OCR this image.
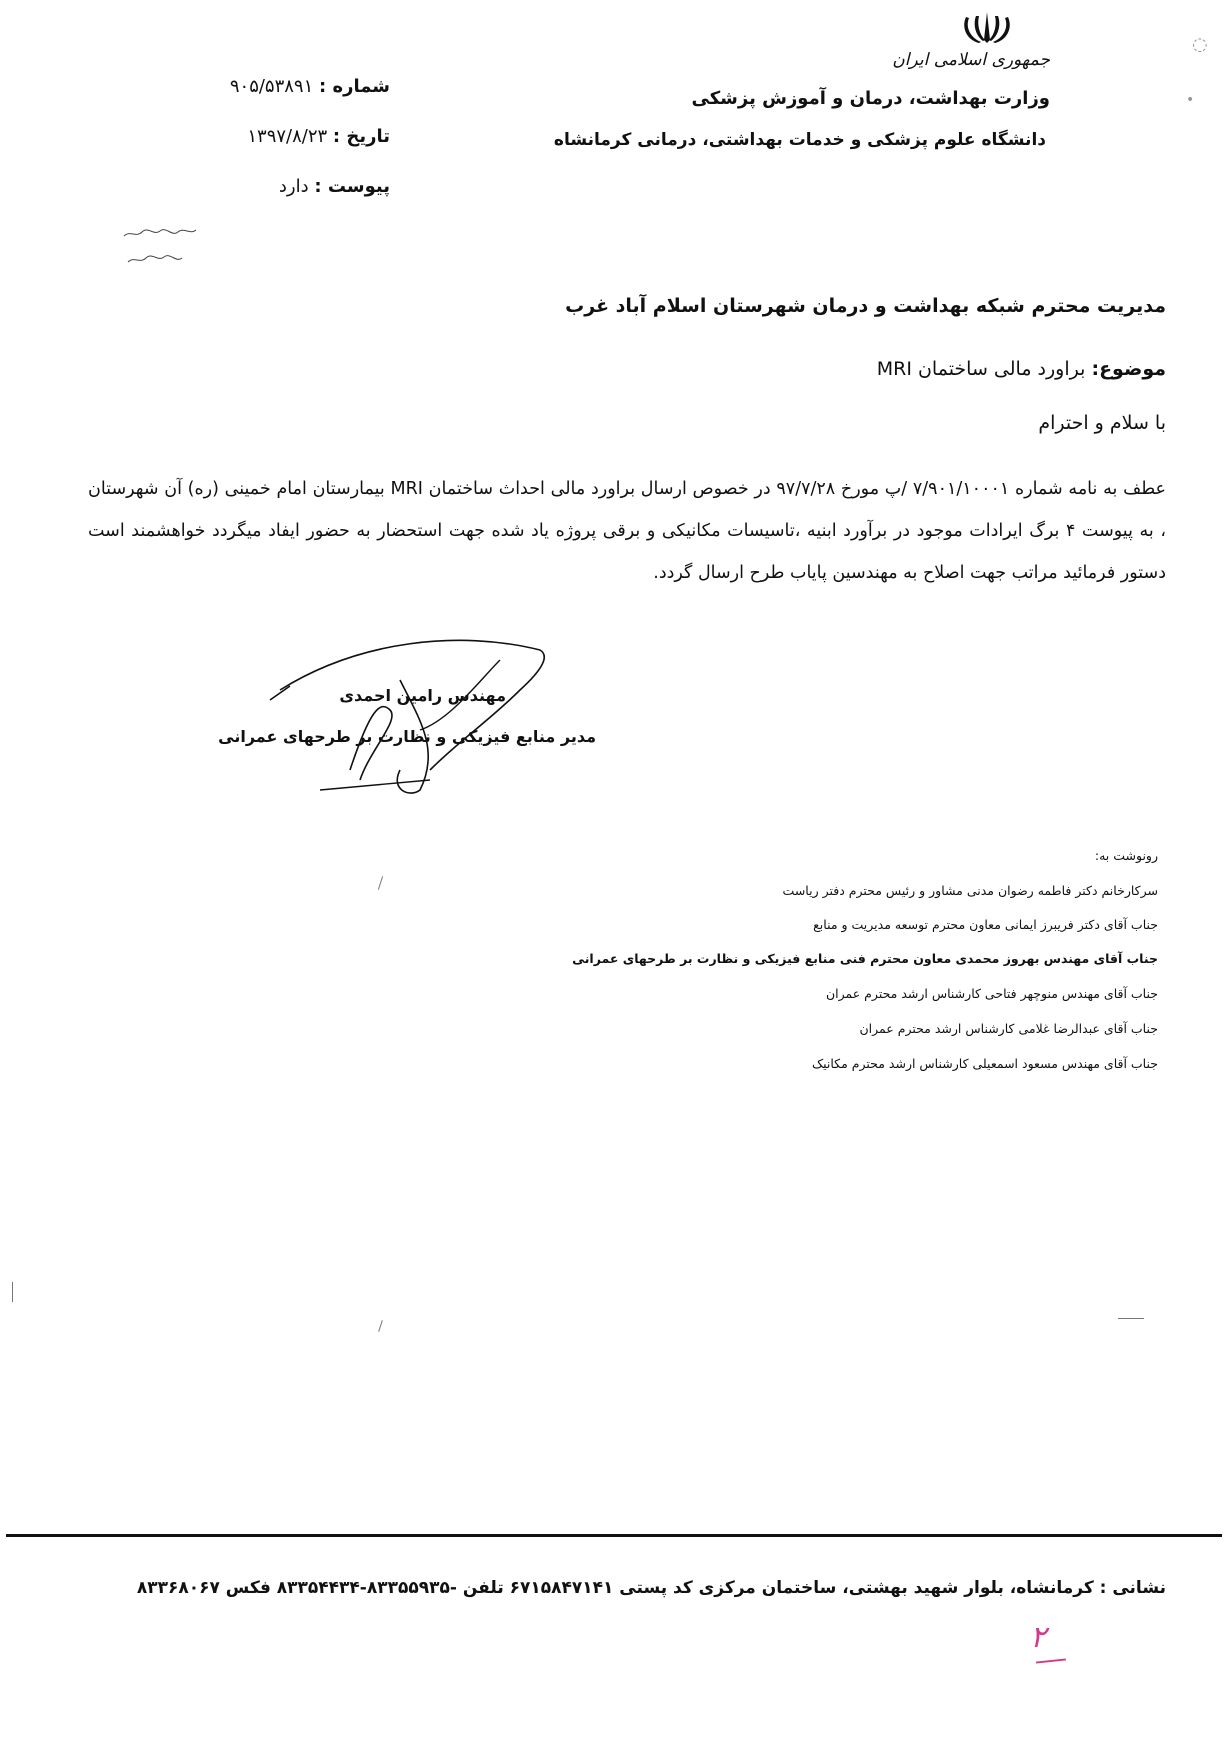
جمهوری اسلامی ایران
وزارت بهداشت، درمان و آموزش پزشکی
دانشگاه علوم پزشکی و خدمات بهداشتی، درمانی کرمانشاه
◌
•
شماره : ۹۰۵/۵۳۸۹۱
تاریخ : ۱۳۹۷/۸/۲۳
پیوست : دارد
مدیریت محترم شبکه بهداشت و درمان شهرستان اسلام آباد غرب
موضوع: براورد مالی ساختمان MRI
با سلام و احترام
عطف به نامه شماره ۷/۹۰۱/۱۰۰۰۱ /پ مورخ ۹۷/۷/۲۸ در خصوص ارسال براورد مالی احداث ساختمان MRI بیمارستان امام خمینی (ره) آن شهرستان ، به پیوست ۴ برگ ایرادات موجود در برآورد ابنیه ،تاسیسات مکانیکی و برقی پروژه یاد شده جهت استحضار به حضور ایفاد میگردد خواهشمند است دستور فرمائید مراتب جهت اصلاح به مهندسین پایاب طرح ارسال گردد.
مهندس رامین احمدی
مدیر منابع فیزیکی و نظارت بر طرحهای عمرانی
رونوشت به:
سرکارخانم دکتر فاطمه رضوان مدنی مشاور و رئیس محترم دفتر ریاست
جناب آقای دکتر فریبرز ایمانی معاون محترم توسعه مدیریت و منابع
جناب آقای مهندس بهروز محمدی معاون محترم فنی منابع فیزیکی و نظارت بر طرحهای عمرانی
جناب آقای مهندس منوچهر فتاحی کارشناس ارشد محترم عمران
جناب آقای عبدالرضا غلامی کارشناس ارشد محترم عمران
جناب آقای مهندس مسعود اسمعیلی کارشناس ارشد محترم مکانیک
نشانی : کرمانشاه، بلوار شهید بهشتی، ساختمان مرکزی کد پستی ۶۷۱۵۸۴۷۱۴۱ تلفن -۸۳۳۵۵۹۳۵-۸۳۳۵۴۴۳۴ فکس ۸۳۳۶۸۰۶۷
۲
